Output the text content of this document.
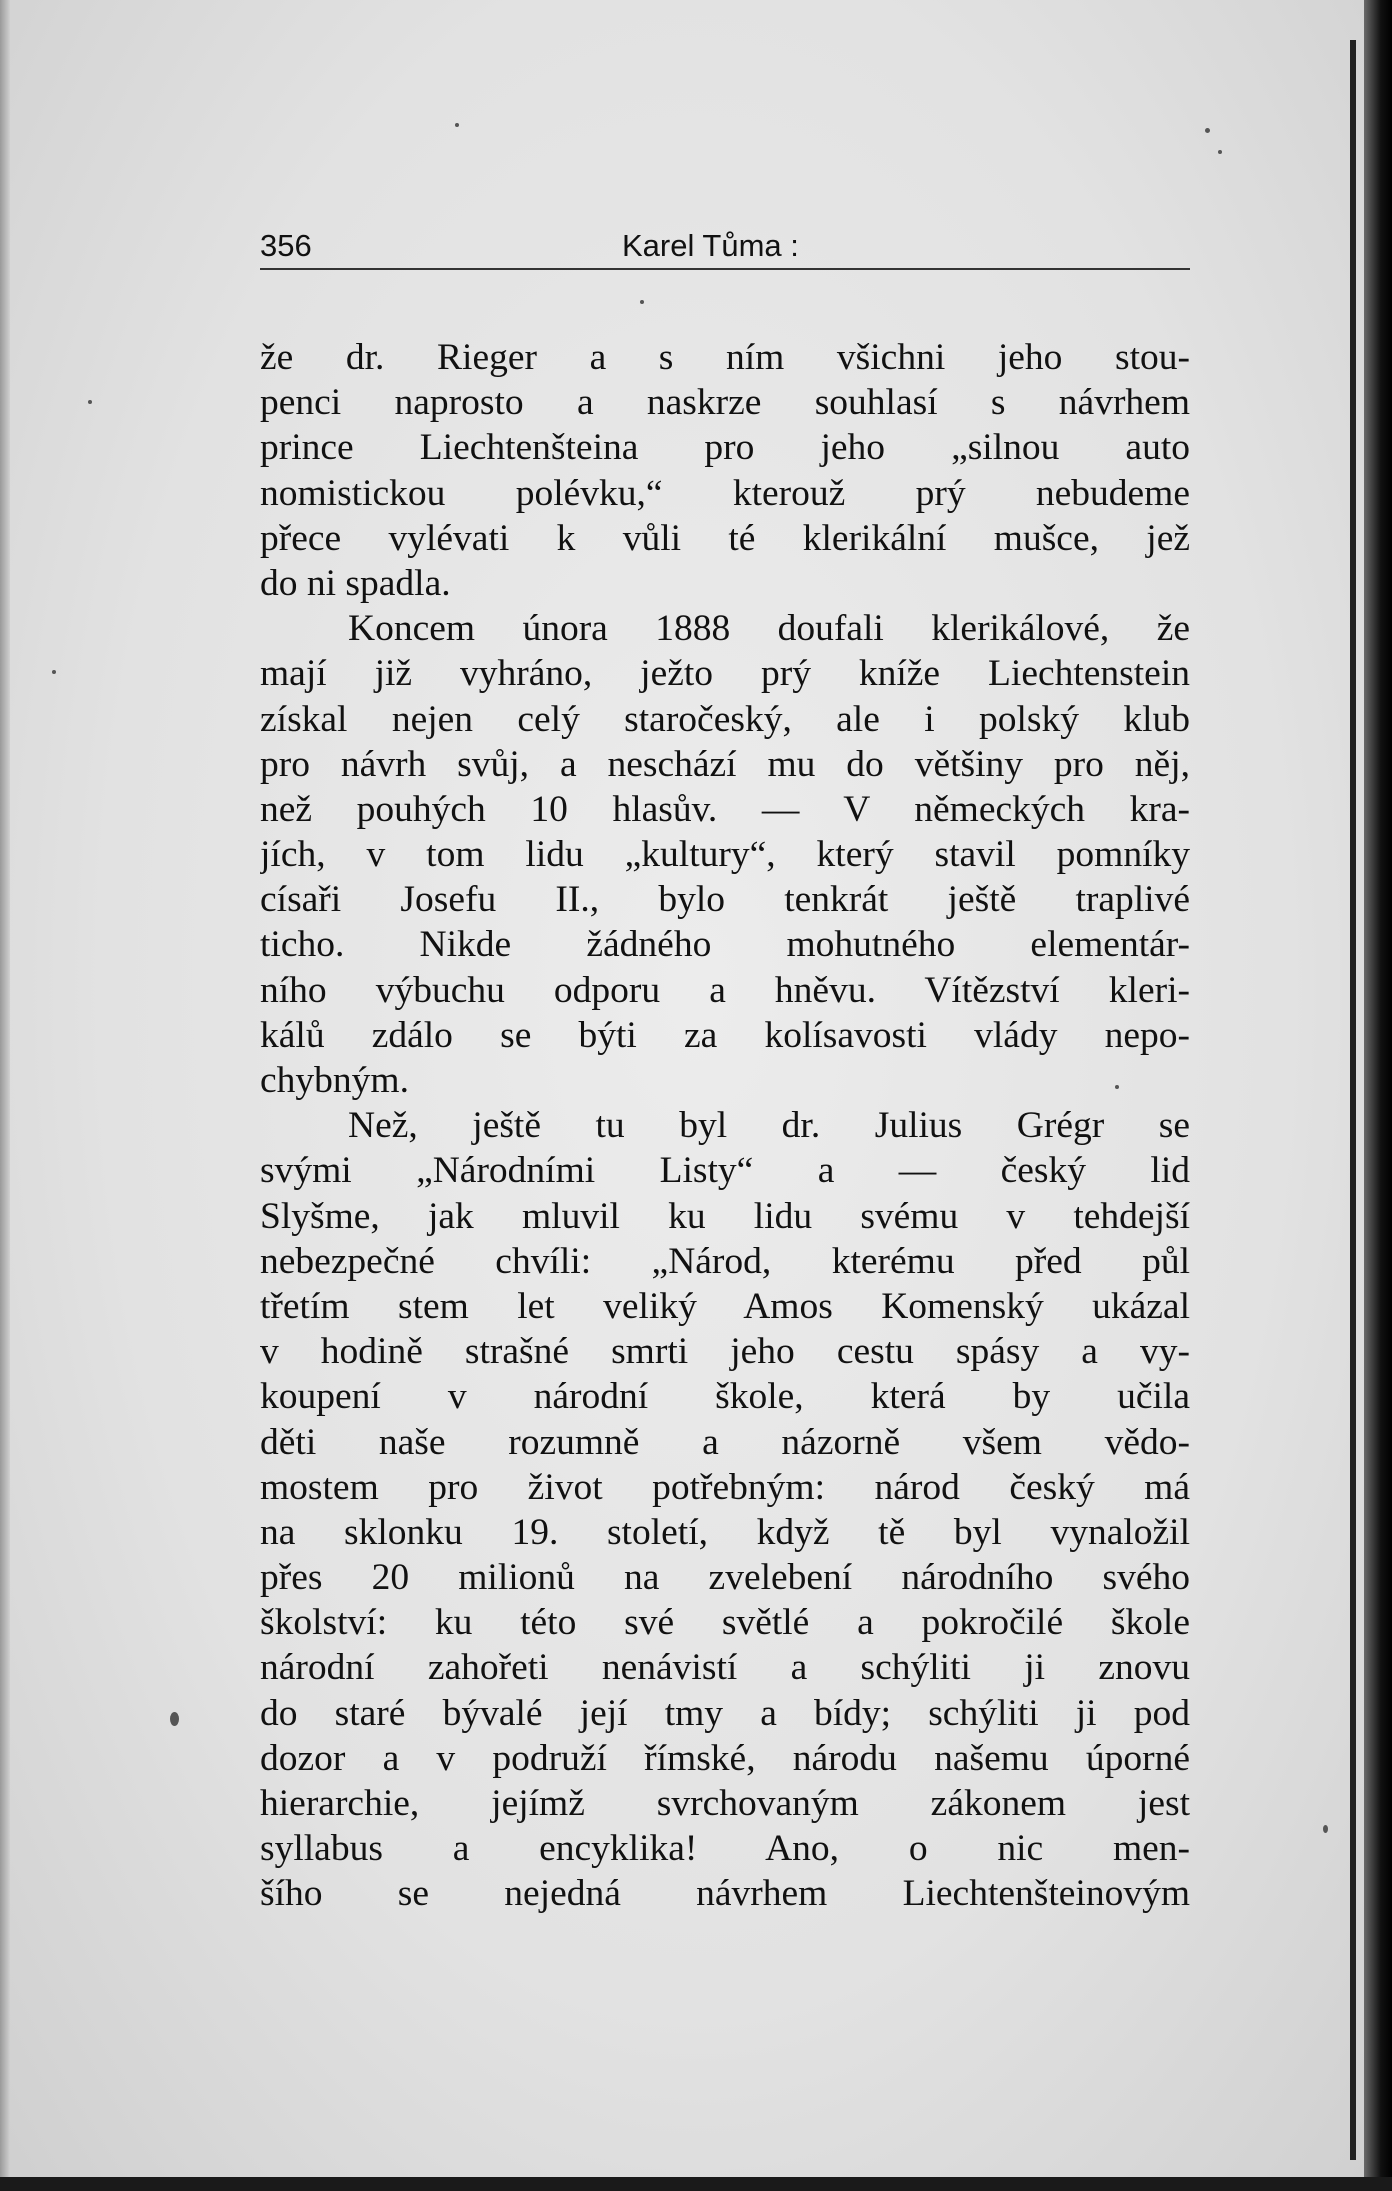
356	Karel Tůma :
že dr. Rieger a s ním všichni jeho stou-
penci naprosto a naskrze souhlasí s návrhem
prince Liechtenšteina pro jeho „silnou auto
nomistickou polévku,“ kterouž prý nebudeme
přece vylévati k vůli té klerikální mušce, jež
do ni spadla.
Koncem února 1888 doufali klerikálové, že
mají již vyhráno, ježto prý kníže Liechtenstein
získal nejen celý staročeský, ale i polský klub
pro návrh svůj, a neschází mu do většiny pro něj,
než pouhých 10 hlasův. — V německých kra-
jích, v tom lidu „kultury“, který stavil pomníky
císaři Josefu II., bylo tenkrát ještě traplivé
ticho. Nikde žádného mohutného elementár-
ního výbuchu odporu a hněvu. Vítězství kleri-
kálů zdálo se býti za kolísavosti vlády nepo-
chybným.
Než, ještě tu byl dr. Julius Grégr se
svými „Národními Listy“ a — český lid
Slyšme, jak mluvil ku lidu svému v tehdejší
nebezpečné chvíli: „Národ, kterému před půl
třetím stem let veliký Amos Komenský ukázal
v hodině strašné smrti jeho cestu spásy a vy-
koupení v národní škole, která by učila
děti naše rozumně a názorně všem vědo-
mostem pro život potřebným: národ český má
na sklonku 19. století, když tě byl vynaložil
přes 20 milionů na zvelebení národního svého
školství: ku této své světlé a pokročilé škole
národní zahořeti nenávistí a schýliti ji znovu
do staré bývalé její tmy a bídy; schýliti ji pod
dozor a v podruží římské, národu našemu úporné
hierarchie, jejímž svrchovaným zákonem jest
syllabus a encyklika! Ano, o nic men-
šího se nejedná návrhem Liechtenšteinovým
